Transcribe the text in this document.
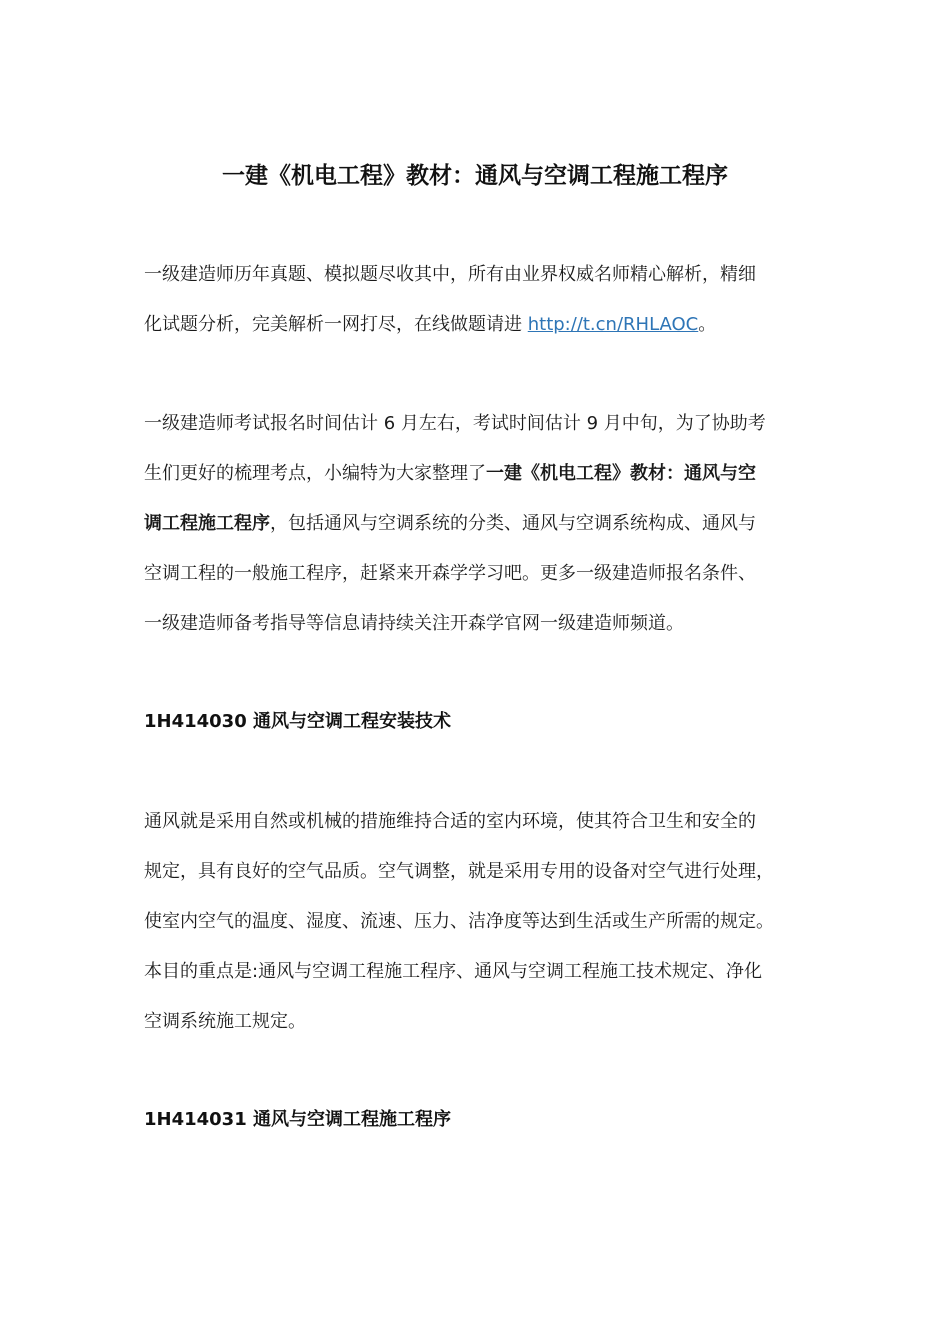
一建《机电工程》教材：通风与空调工程施工程序
一级建造师历年真题、模拟题尽收其中，所有由业界权威名师精心解析，精细
化试题分析，完美解析一网打尽，在线做题请进 http://t.cn/RHLAOC。
一级建造师考试报名时间估计 6 月左右，考试时间估计 9 月中旬，为了协助考
生们更好的梳理考点，小编特为大家整理了一建《机电工程》教材：通风与空
调工程施工程序，包括通风与空调系统的分类、通风与空调系统构成、通风与
空调工程的一般施工程序，赶紧来开森学学习吧。更多一级建造师报名条件、
一级建造师备考指导等信息请持续关注开森学官网一级建造师频道。
1H414030 通风与空调工程安装技术
通风就是采用自然或机械的措施维持合适的室内环境，使其符合卫生和安全的
规定，具有良好的空气品质。空气调整，就是采用专用的设备对空气进行处理，
使室内空气的温度、湿度、流速、压力、洁净度等达到生活或生产所需的规定。
本目的重点是:通风与空调工程施工程序、通风与空调工程施工技术规定、净化
空调系统施工规定。
1H414031 通风与空调工程施工程序
